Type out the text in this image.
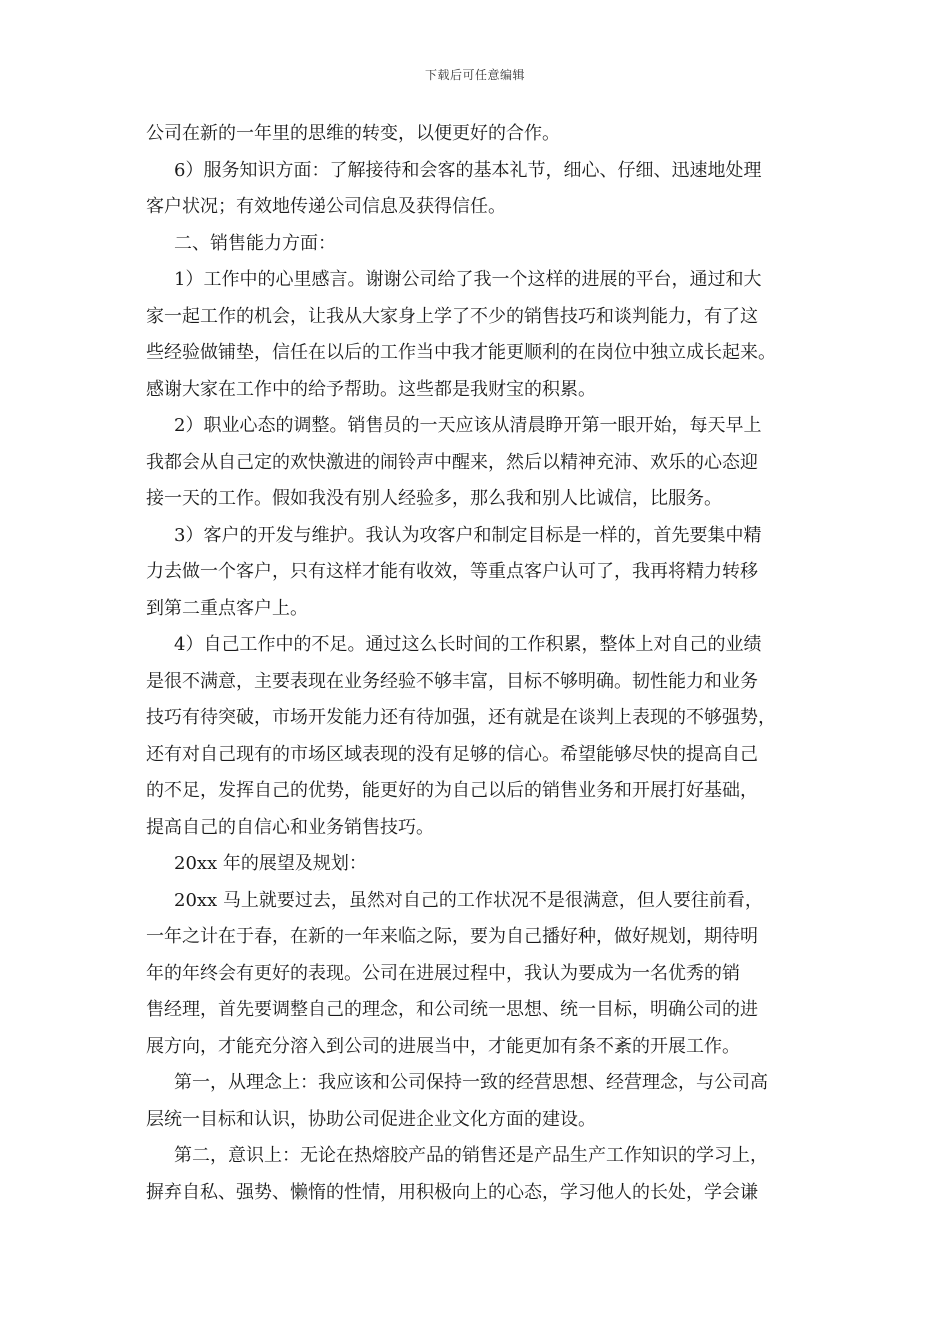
下载后可任意编辑
公司在新的一年里的思维的转变，以便更好的合作。
6）服务知识方面：了解接待和会客的基本礼节，细心、仔细、迅速地处理
客户状况；有效地传递公司信息及获得信任。
二、销售能力方面：
1）工作中的心里感言。谢谢公司给了我一个这样的进展的平台，通过和大
家一起工作的机会，让我从大家身上学了不少的销售技巧和谈判能力，有了这
些经验做铺垫，信任在以后的工作当中我才能更顺利的在岗位中独立成长起来。
感谢大家在工作中的给予帮助。这些都是我财宝的积累。
2）职业心态的调整。销售员的一天应该从清晨睁开第一眼开始，每天早上
我都会从自己定的欢快激进的闹铃声中醒来，然后以精神充沛、欢乐的心态迎
接一天的工作。假如我没有别人经验多，那么我和别人比诚信，比服务。
3）客户的开发与维护。我认为攻客户和制定目标是一样的，首先要集中精
力去做一个客户，只有这样才能有收效，等重点客户认可了，我再将精力转移
到第二重点客户上。
4）自己工作中的不足。通过这么长时间的工作积累，整体上对自己的业绩
是很不满意，主要表现在业务经验不够丰富，目标不够明确。韧性能力和业务
技巧有待突破，市场开发能力还有待加强，还有就是在谈判上表现的不够强势，
还有对自己现有的市场区域表现的没有足够的信心。希望能够尽快的提高自己
的不足，发挥自己的优势，能更好的为自己以后的销售业务和开展打好基础，
提高自己的自信心和业务销售技巧。
20xx 年的展望及规划：
20xx 马上就要过去，虽然对自己的工作状况不是很满意，但人要往前看，
一年之计在于春，在新的一年来临之际，要为自己播好种，做好规划，期待明
年的年终会有更好的表现。公司在进展过程中，我认为要成为一名优秀的销
售经理，首先要调整自己的理念，和公司统一思想、统一目标，明确公司的进
展方向，才能充分溶入到公司的进展当中，才能更加有条不紊的开展工作。
第一，从理念上：我应该和公司保持一致的经营思想、经营理念，与公司高
层统一目标和认识，协助公司促进企业文化方面的建设。
第二，意识上：无论在热熔胶产品的销售还是产品生产工作知识的学习上，
摒弃自私、强势、懒惰的性情，用积极向上的心态，学习他人的长处，学会谦
